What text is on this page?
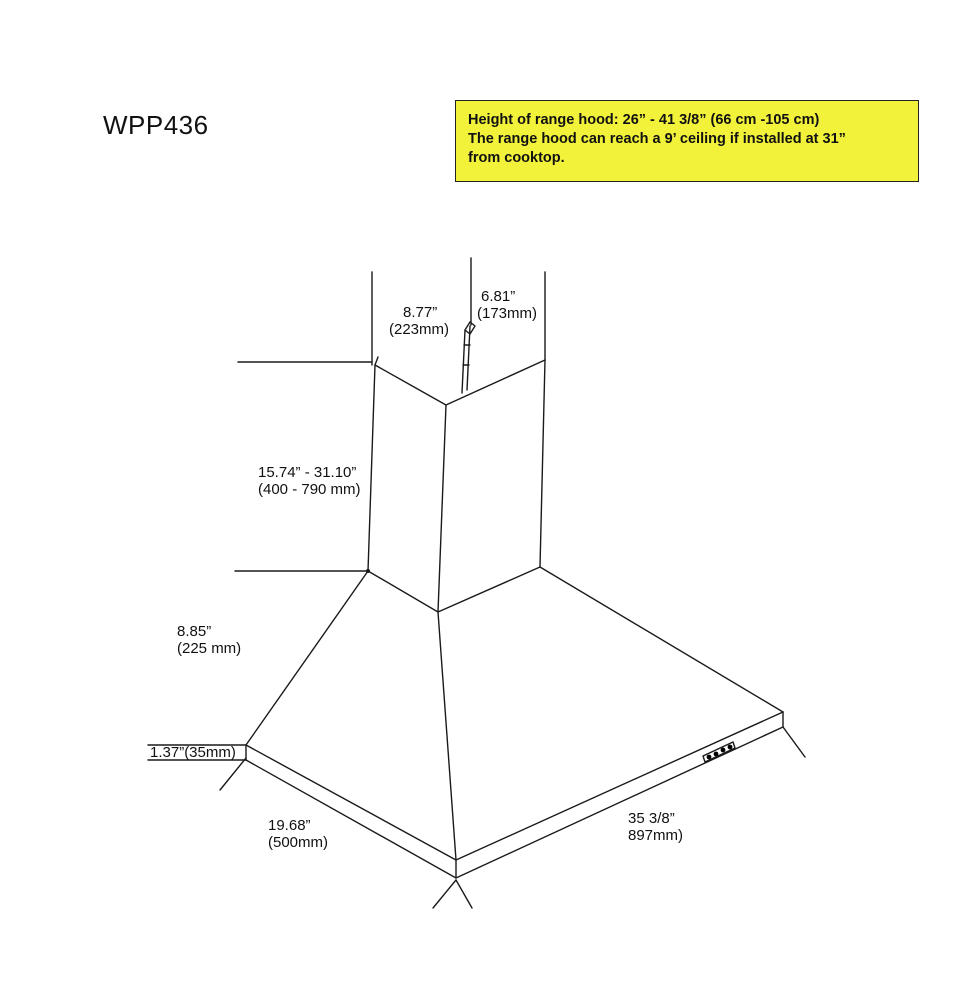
WPP436	Height of range hood: 26” - 41 3/8” (66 cm -105 cm)
The range hood can reach a 9’ ceiling if installed at 31”
from cooktop.
8.77”
(223mm)
6.81”
(173mm)
15.74” - 31.10”
(400 - 790 mm)
8.85”
(225 mm)
1.37”(35mm)
19.68”
(500mm)
35 3/8”
897mm)
